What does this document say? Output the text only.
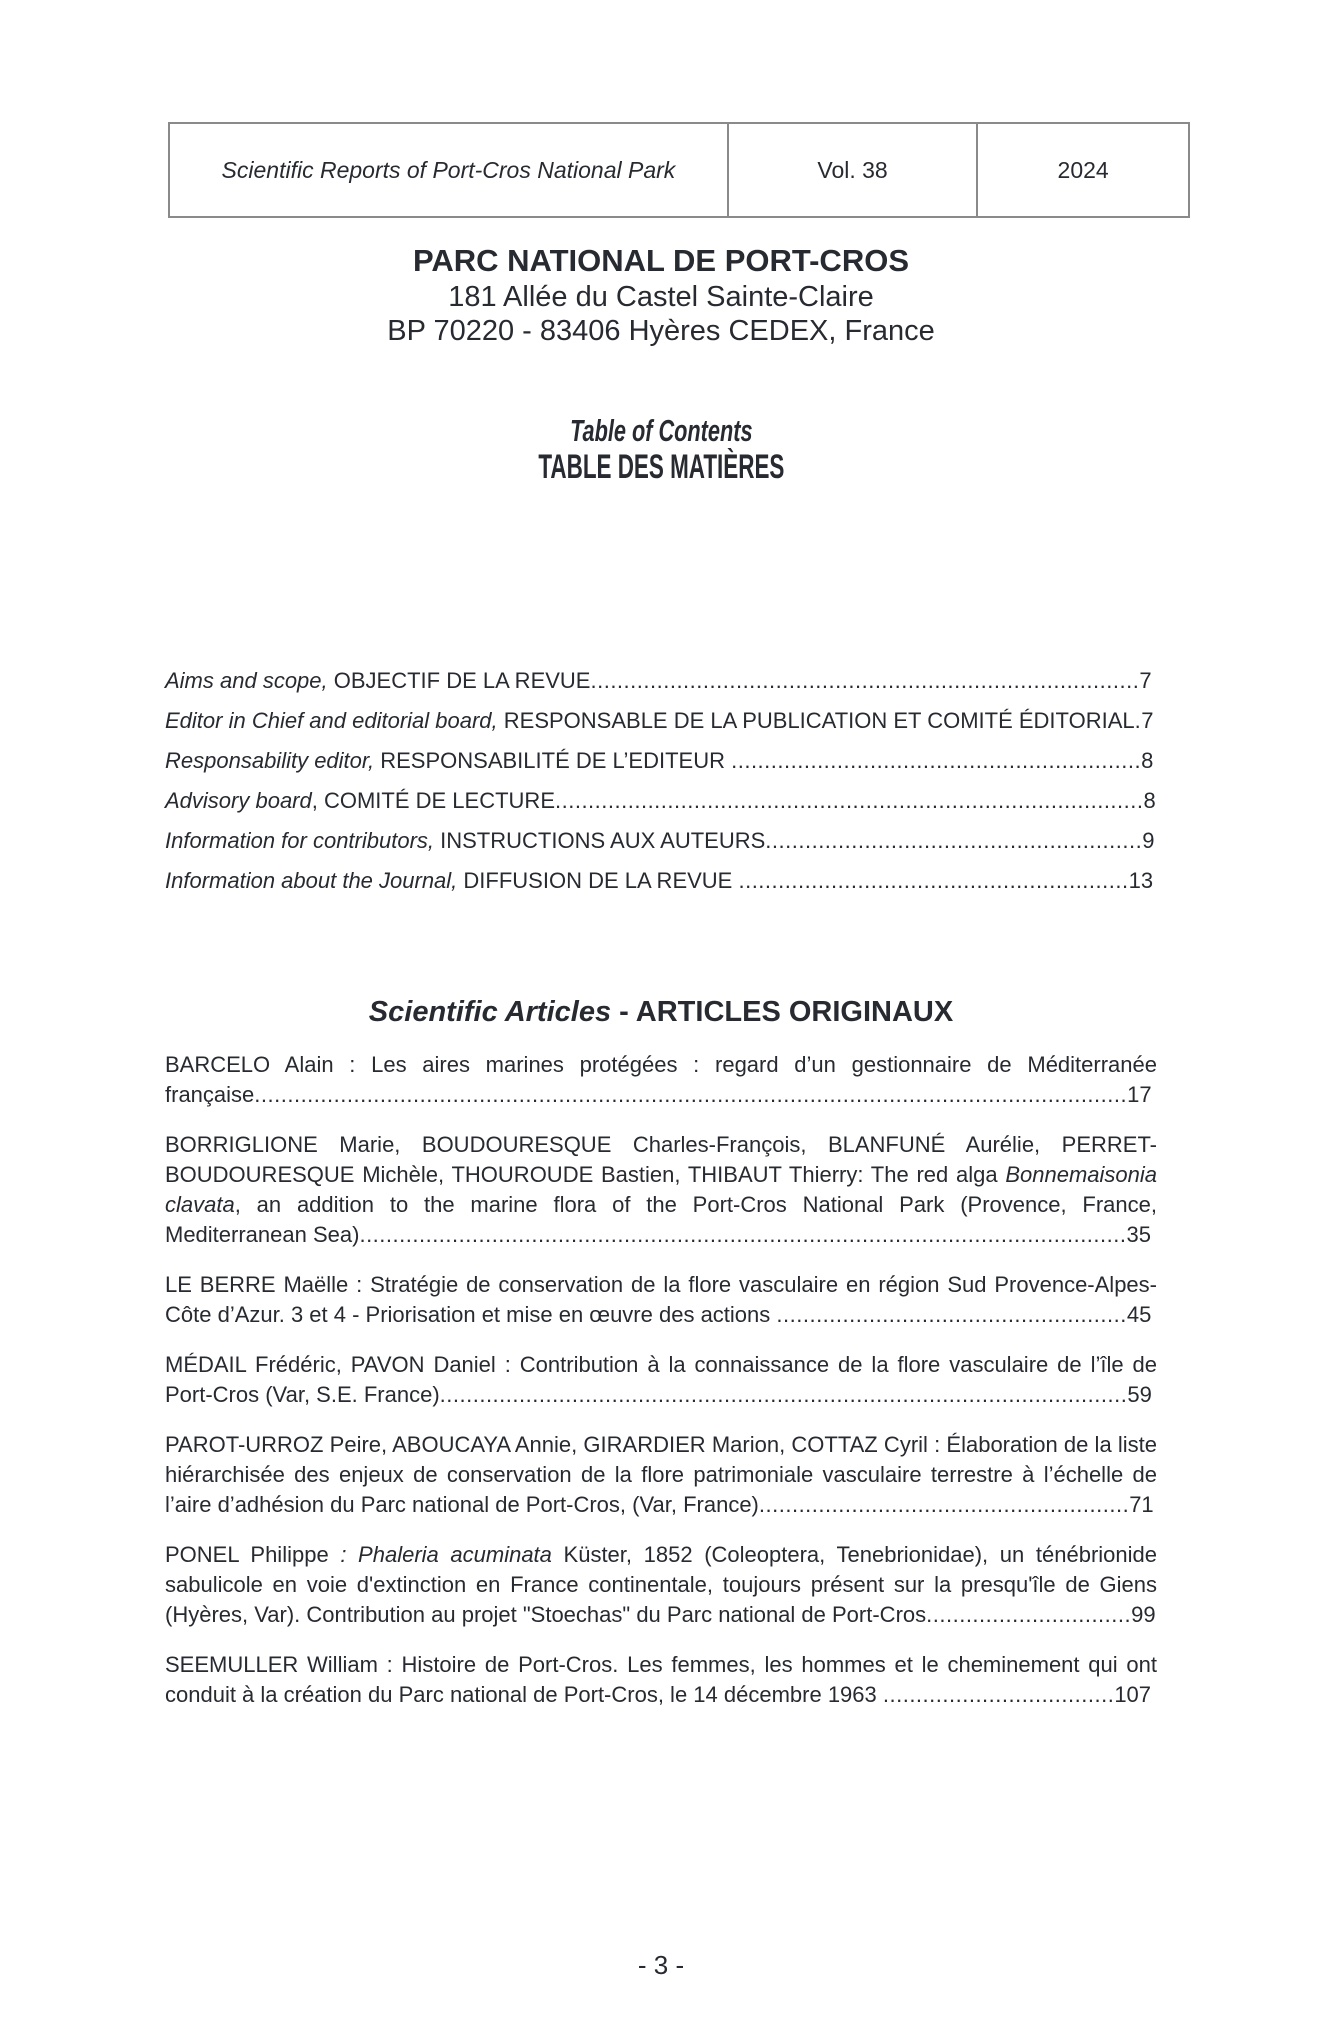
Scientific Reports of Port-Cros National Park	Vol. 38	2024
PARC NATIONAL DE PORT-CROS
181 Allée du Castel Sainte-Claire
BP 70220 - 83406 Hyères CEDEX, France
Table of Contents
TABLE DES MATIÈRES

Aims and scope, OBJECTIF DE LA REVUE...................................................................................7

Editor in Chief and editorial board, RESPONSABLE DE LA PUBLICATION ET COMITÉ ÉDITORIAL.7

Responsability editor, RESPONSABILITÉ DE L’EDITEUR ..............................................................8

Advisory board, COMITÉ DE LECTURE.........................................................................................8

Information for contributors, INSTRUCTIONS AUX AUTEURS.........................................................9

Information about the Journal, DIFFUSION DE LA REVUE ...........................................................13

Scientific Articles - ARTICLES ORIGINAUX

BARCELO Alain : Les aires marines protégées : regard d’un gestionnaire de Méditerranée française....................................................................................................................................17

BORRIGLIONE Marie, BOUDOURESQUE Charles-François, BLANFUNÉ Aurélie, PERRET-BOUDOURESQUE Michèle, THOUROUDE Bastien, THIBAUT Thierry: The red alga Bonnemaisonia clavata, an addition to the marine flora of the Port-Cros National Park (Provence, France, Mediterranean Sea)....................................................................................................................35

LE BERRE Maëlle : Stratégie de conservation de la flore vasculaire en région Sud Provence-Alpes-Côte d’Azur. 3 et 4 - Priorisation et mise en œuvre des actions .....................................................45

MÉDAIL Frédéric, PAVON Daniel : Contribution à la connaissance de la flore vasculaire de l’île de Port-Cros (Var, S.E. France)........................................................................................................59

PAROT-URROZ Peire, ABOUCAYA Annie, GIRARDIER Marion, COTTAZ Cyril : Élaboration de la liste hiérarchisée des enjeux de conservation de la flore patrimoniale vasculaire terrestre à l’échelle de l’aire d’adhésion du Parc national de Port-Cros, (Var, France)........................................................71

PONEL Philippe : Phaleria acuminata Küster, 1852 (Coleoptera, Tenebrionidae), un ténébrionide sabulicole en voie d'extinction en France continentale, toujours présent sur la presqu'île de Giens (Hyères, Var). Contribution au projet "Stoechas" du Parc national de Port-Cros...............................99

SEEMULLER William : Histoire de Port-Cros. Les femmes, les hommes et le cheminement qui ont conduit à la création du Parc national de Port-Cros, le 14 décembre 1963 ...................................107

- 3 -
